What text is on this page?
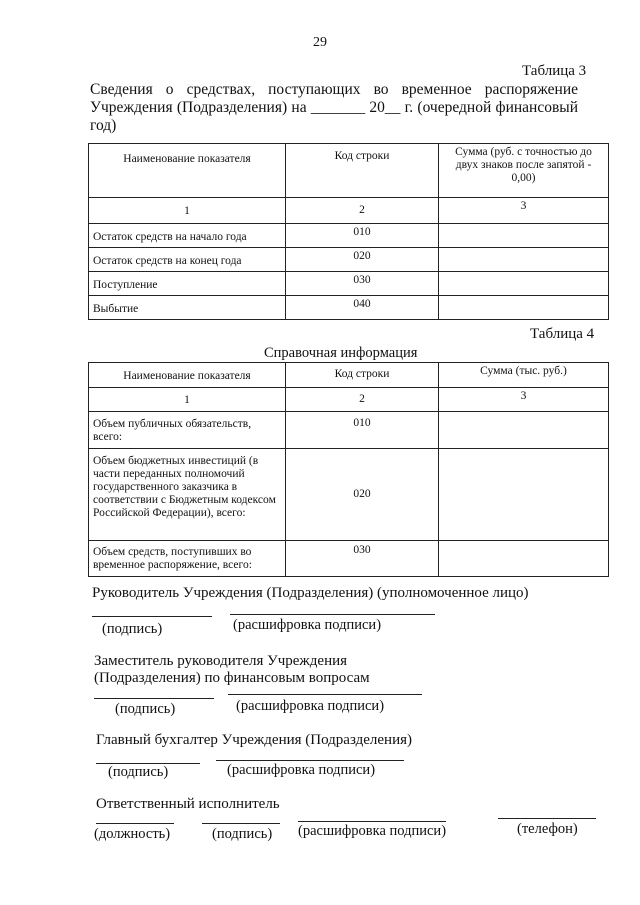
29
Таблица 3
Сведения о средствах, поступающих во временное распоряжение
Учреждения (Подразделения) на _______ 20__ г. (очередной финансовый
год)
Наименование показателя	Код строки	Сумма (руб. с точностью до двух знаков после запятой - 0,00)
1	2	3
Остаток средств на начало года	010	
Остаток средств на конец года	020	
Поступление	030	
Выбытие	040	
Таблица 4
Справочная информация
Наименование показателя	Код строки	Сумма (тыс. руб.)
1	2	3
Объем публичных обязательств, всего:	010	
Объем бюджетных инвестиций (в части переданных полномочий государственного заказчика в соответствии с Бюджетным кодексом Российской Федерации), всего:	020	
Объем средств, поступивших во временное распоряжение, всего:	030	
Руководитель Учреждения (Подразделения) (уполномоченное лицо)
(подпись)	(расшифровка подписи)
Заместитель руководителя Учреждения
(Подразделения) по финансовым вопросам
(подпись)	(расшифровка подписи)
Главный бухгалтер Учреждения (Подразделения)
(подпись)	(расшифровка подписи)
Ответственный исполнитель
(должность)	(подпись) (расшифровка подписи)	(телефон)
